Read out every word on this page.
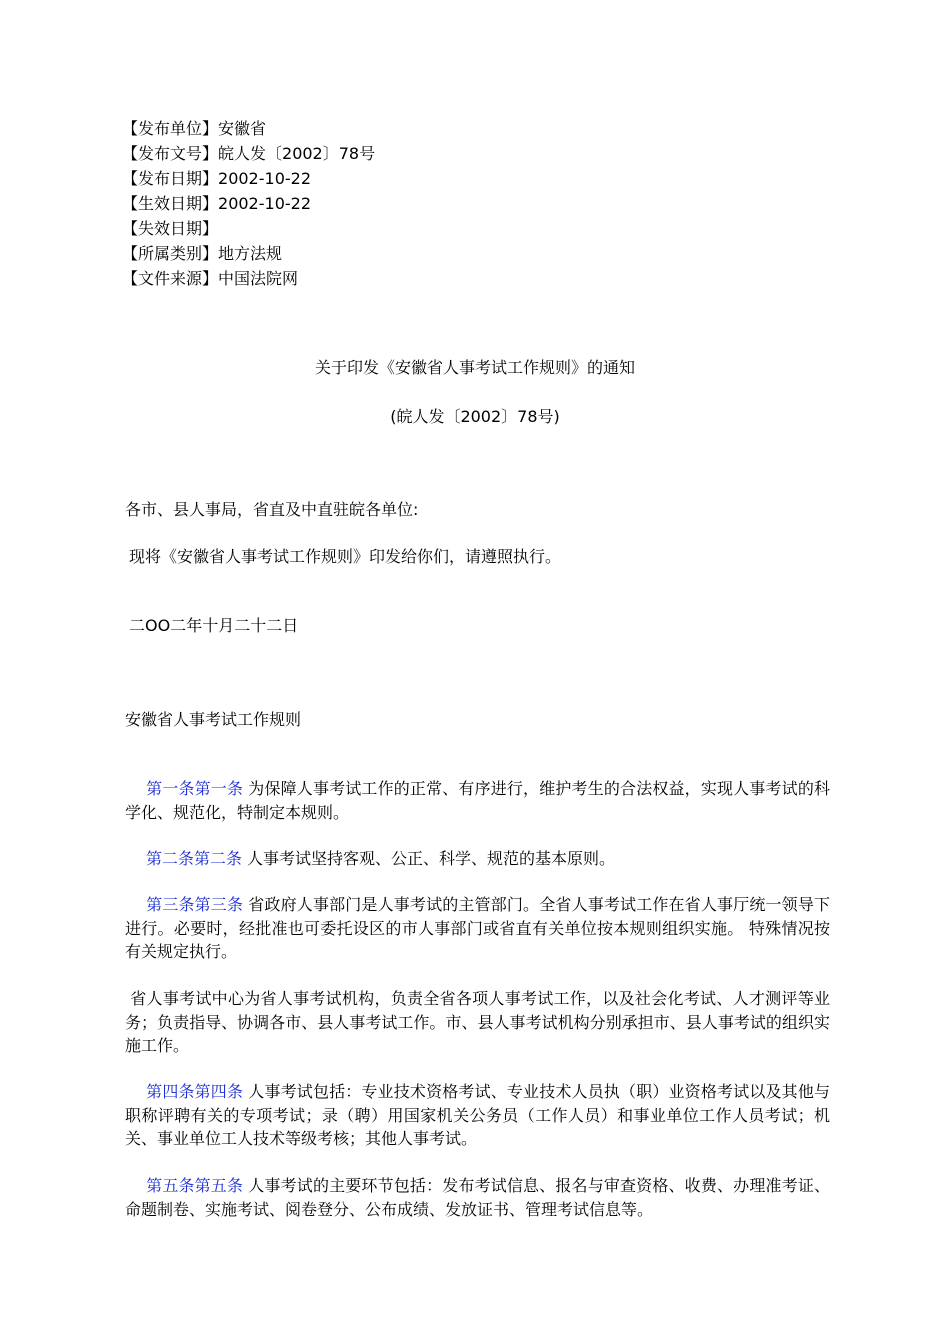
【发布单位】安徽省
【发布文号】皖人发〔2002〕78号
【发布日期】2002-10-22
【生效日期】2002-10-22
【失效日期】
【所属类别】地方法规
【文件来源】中国法院网
关于印发《安徽省人事考试工作规则》的通知
(皖人发〔2002〕78号)
各市、县人事局，省直及中直驻皖各单位:
现将《安徽省人事考试工作规则》印发给你们，请遵照执行。
二OO二年十月二十二日
安徽省人事考试工作规则
第一条第一条 为保障人事考试工作的正常、有序进行，维护考生的合法权益，实现人事考试的科学化、规范化，特制定本规则。
第二条第二条 人事考试坚持客观、公正、科学、规范的基本原则。
第三条第三条 省政府人事部门是人事考试的主管部门。全省人事考试工作在省人事厅统一领导下进行。必要时，经批准也可委托设区的市人事部门或省直有关单位按本规则组织实施。 特殊情况按有关规定执行。
省人事考试中心为省人事考试机构，负责全省各项人事考试工作，以及社会化考试、人才测评等业务；负责指导、协调各市、县人事考试工作。市、县人事考试机构分别承担市、县人事考试的组织实施工作。
第四条第四条 人事考试包括：专业技术资格考试、专业技术人员执（职）业资格考试以及其他与职称评聘有关的专项考试；录（聘）用国家机关公务员（工作人员）和事业单位工作人员考试；机关、事业单位工人技术等级考核；其他人事考试。
第五条第五条 人事考试的主要环节包括：发布考试信息、报名与审查资格、收费、办理准考证、命题制卷、实施考试、阅卷登分、公布成绩、发放证书、管理考试信息等。
